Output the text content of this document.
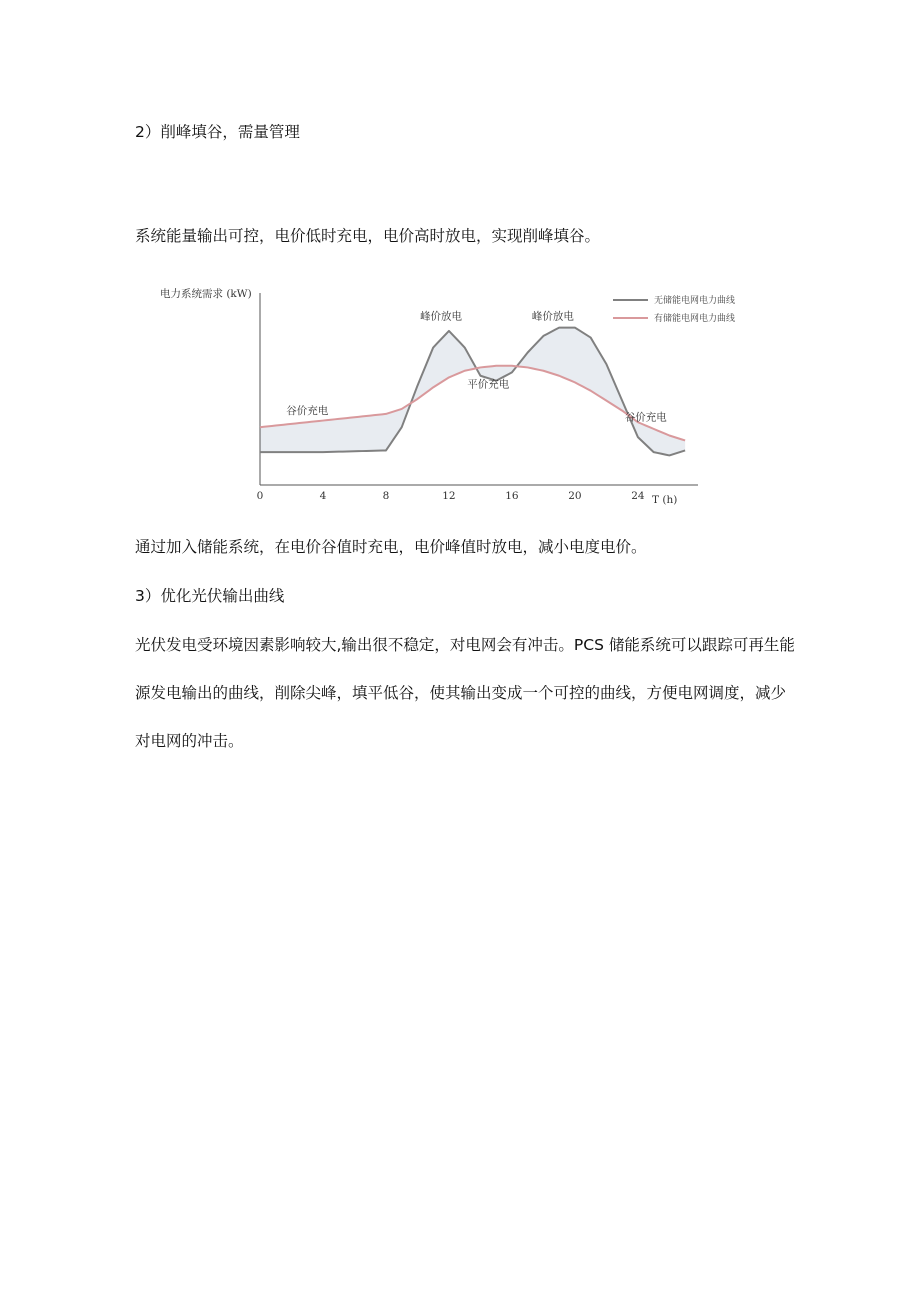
2）削峰填谷，需量管理
系统能量输出可控，电价低时充电，电价高时放电，实现削峰填谷。
0	4	8	12	16	20	24
谷价充电
峰价放电
平价充电
峰价放电
谷价充电
电力系统需求 (kW)
T (h)
无储能电网电力曲线
有储能电网电力曲线
通过加入储能系统，在电价谷值时充电，电价峰值时放电，减小电度电价。
3）优化光伏输出曲线
光伏发电受环境因素影响较大,输出很不稳定，对电网会有冲击。PCS 储能系统可以跟踪可再生能源发电输出的曲线，削除尖峰，填平低谷，使其输出变成一个可控的曲线，方便电网调度，减少对电网的冲击。
